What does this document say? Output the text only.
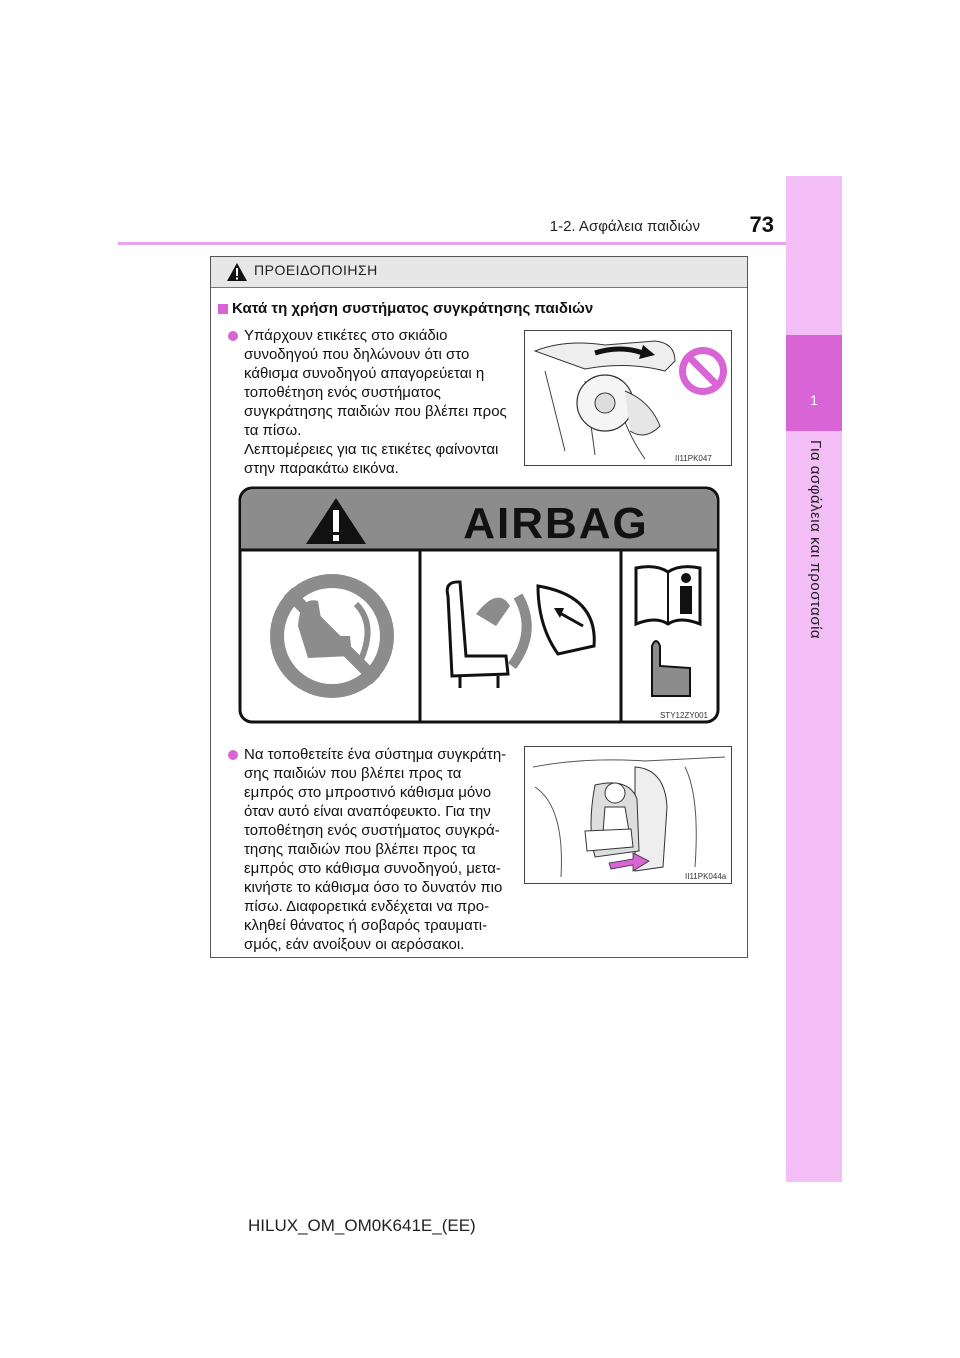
1
Για ασφάλεια και προστασία
1-2. Ασφάλεια παιδιών	73
ΠΡΟΕΙΔΟΠΟΙΗΣΗ
Κατά τη χρήση συστήματος συγκράτησης παιδιών
Υπάρχουν ετικέτες στο σκιάδιο
συνοδηγού που δηλώνουν ότι στο
κάθισμα συνοδηγού απαγορεύεται η
τοποθέτηση ενός συστήματος
συγκράτησης παιδιών που βλέπει προς
τα πίσω.
Λεπτομέρειες για τις ετικέτες φαίνονται
στην παρακάτω εικόνα.
II11PK047
AIRBAG
STY12ZY001
Να τοποθετείτε ένα σύστημα συγκράτη-
σης παιδιών που βλέπει προς τα
εμπρός στο μπροστινό κάθισμα μόνο
όταν αυτό είναι αναπόφευκτο. Για την
τοποθέτηση ενός συστήματος συγκρά-
τησης παιδιών που βλέπει προς τα
εμπρός στο κάθισμα συνοδηγού, μετα-
κινήστε το κάθισμα όσο το δυνατόν πιο
πίσω. Διαφορετικά ενδέχεται να προ-
κληθεί θάνατος ή σοβαρός τραυματι-
σμός, εάν ανοίξουν οι αερόσακοι.
II11PK044a
HILUX_OM_OM0K641E_(EE)
